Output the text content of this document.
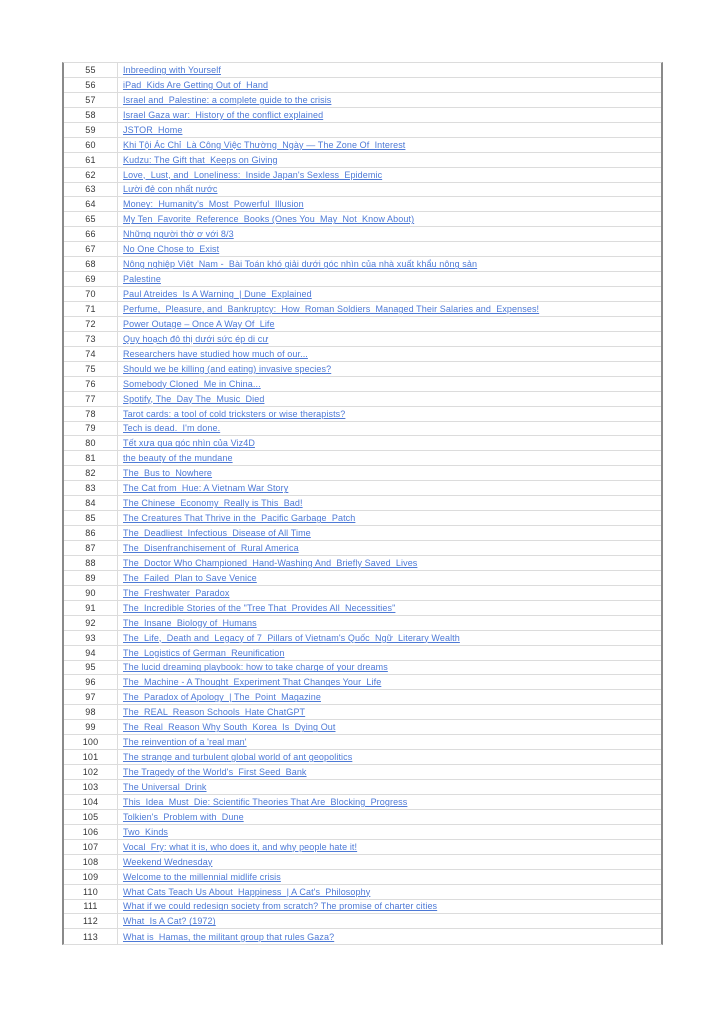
55	Inbreeding with Yourself
56	iPad  Kids Are Getting Out of  Hand
57	Israel and  Palestine: a complete guide to the crisis
58	Israel Gaza war:  History of the conflict explained
59	JSTOR  Home
60	Khi Tội Ác Chỉ  Là Công Việc Thường  Ngày — The Zone Of  Interest
61	Kudzu: The Gift that  Keeps on Giving
62	Love,  Lust, and  Loneliness:  Inside Japan's Sexless  Epidemic
63	Lười đẻ con nhất nước
64	Money:  Humanity's  Most  Powerful  Illusion
65	My Ten  Favorite  Reference  Books (Ones You  May  Not  Know About)
66	Những người thờ ơ với 8/3
67	No One Chose to  Exist
68	Nông nghiệp Việt  Nam -  Bài Toán khó giải dưới góc nhìn của nhà xuất khẩu nông sản
69	Palestine
70	Paul Atreides  Is A Warning  | Dune  Explained
71	Perfume,  Pleasure, and  Bankruptcy:  How  Roman Soldiers  Managed Their Salaries and  Expenses!
72	Power Outage – Once A Way Of  Life
73	Quy hoạch đô thị dưới sức ép di cư
74	Researchers have studied how much of our...
75	Should we be killing (and eating) invasive species?
76	Somebody Cloned  Me in China...
77	Spotify, The  Day The  Music  Died
78	Tarot cards: a tool of cold tricksters or wise therapists?
79	Tech is dead.  I'm done.
80	Tết xưa qua góc nhìn của Viz4D
81	the beauty of the mundane
82	The  Bus to  Nowhere
83	The Cat from  Hue: A Vietnam War Story
84	The Chinese  Economy  Really is This  Bad!
85	The Creatures That Thrive in the  Pacific Garbage  Patch
86	The  Deadliest  Infectious  Disease of All Time
87	The  Disenfranchisement of  Rural America
88	The  Doctor Who Championed  Hand-Washing And  Briefly Saved  Lives
89	The  Failed  Plan to Save Venice
90	The  Freshwater  Paradox
91	The  Incredible Stories of the "Tree That  Provides All  Necessities"
92	The  Insane  Biology of  Humans
93	The  Life,  Death and  Legacy of 7  Pillars of Vietnam's Quốc  Ngữ  Literary Wealth
94	The  Logistics of German  Reunification
95	The lucid dreaming playbook: how to take charge of your dreams
96	The  Machine - A Thought  Experiment That Changes Your  Life
97	The  Paradox of Apology  | The  Point  Magazine
98	The  REAL  Reason Schools  Hate ChatGPT
99	The  Real  Reason Why South  Korea  Is  Dying Out
100	The reinvention of a 'real man'
101	The strange and turbulent global world of ant geopolitics
102	The Tragedy of the World's  First Seed  Bank
103	The Universal  Drink
104	This  Idea  Must  Die: Scientific Theories That Are  Blocking  Progress
105	Tolkien's  Problem with  Dune
106	Two  Kinds
107	Vocal  Fry: what it is, who does it, and why people hate it!
108	Weekend Wednesday
109	Welcome to the millennial midlife crisis
110	What Cats Teach Us About  Happiness  | A Cat's  Philosophy
111	What if we could redesign society from scratch? The promise of charter cities
112	What  Is A Cat? (1972)
113	What is  Hamas, the militant group that rules Gaza?
